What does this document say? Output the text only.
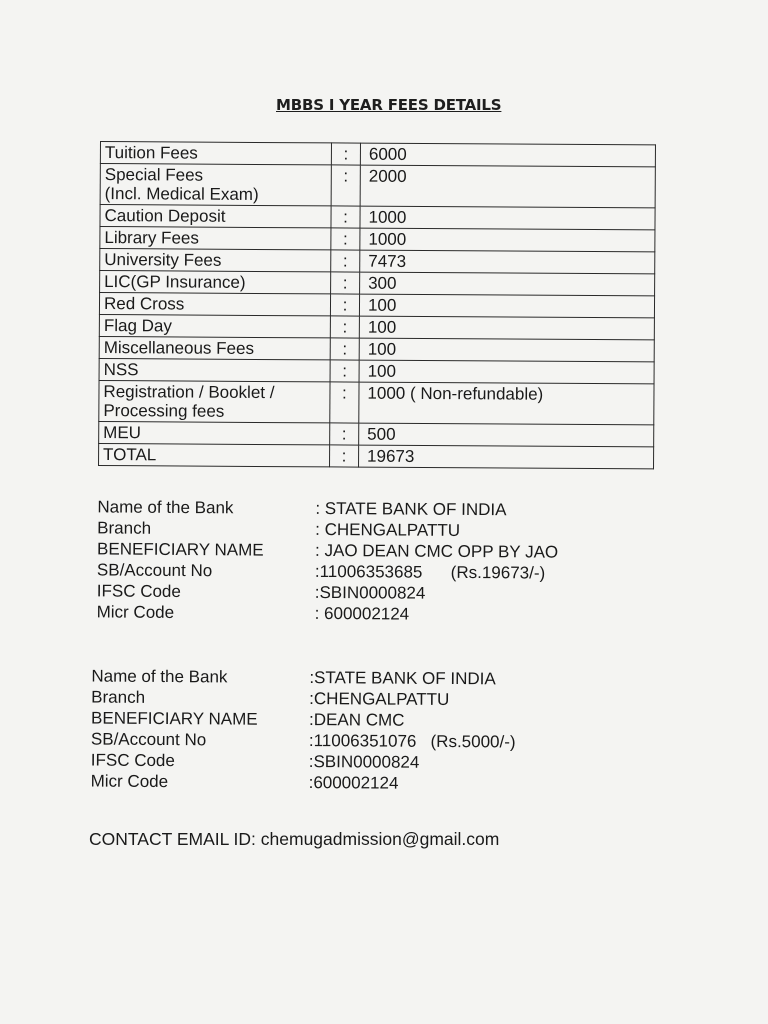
MBBS I YEAR FEES DETAILS
Tuition Fees	:	6000
Special Fees
(Incl. Medical Exam)	:	2000
Caution Deposit	:	1000
Library Fees	:	1000
University Fees	:	7473
LIC(GP Insurance)	:	300
Red Cross	:	100
Flag Day	:	100
Miscellaneous Fees	:	100
NSS	:	100
Registration / Booklet /
Processing fees	:	1000 ( Non-refundable)
MEU	:	500
TOTAL	:	19673
Name of the Bank	: STATE BANK OF INDIA
Branch	: CHENGALPATTU
BENEFICIARY NAME	: JAO DEAN CMC OPP BY JAO
SB/Account No	:11006353685      (Rs.19673/-)
IFSC Code	:SBIN0000824
Micr Code	: 600002124
Name of the Bank	:STATE BANK OF INDIA
Branch	:CHENGALPATTU
BENEFICIARY NAME	:DEAN CMC
SB/Account No	:11006351076   (Rs.5000/-)
IFSC Code	:SBIN0000824
Micr Code	:600002124
CONTACT EMAIL ID: chemugadmission@gmail.com
